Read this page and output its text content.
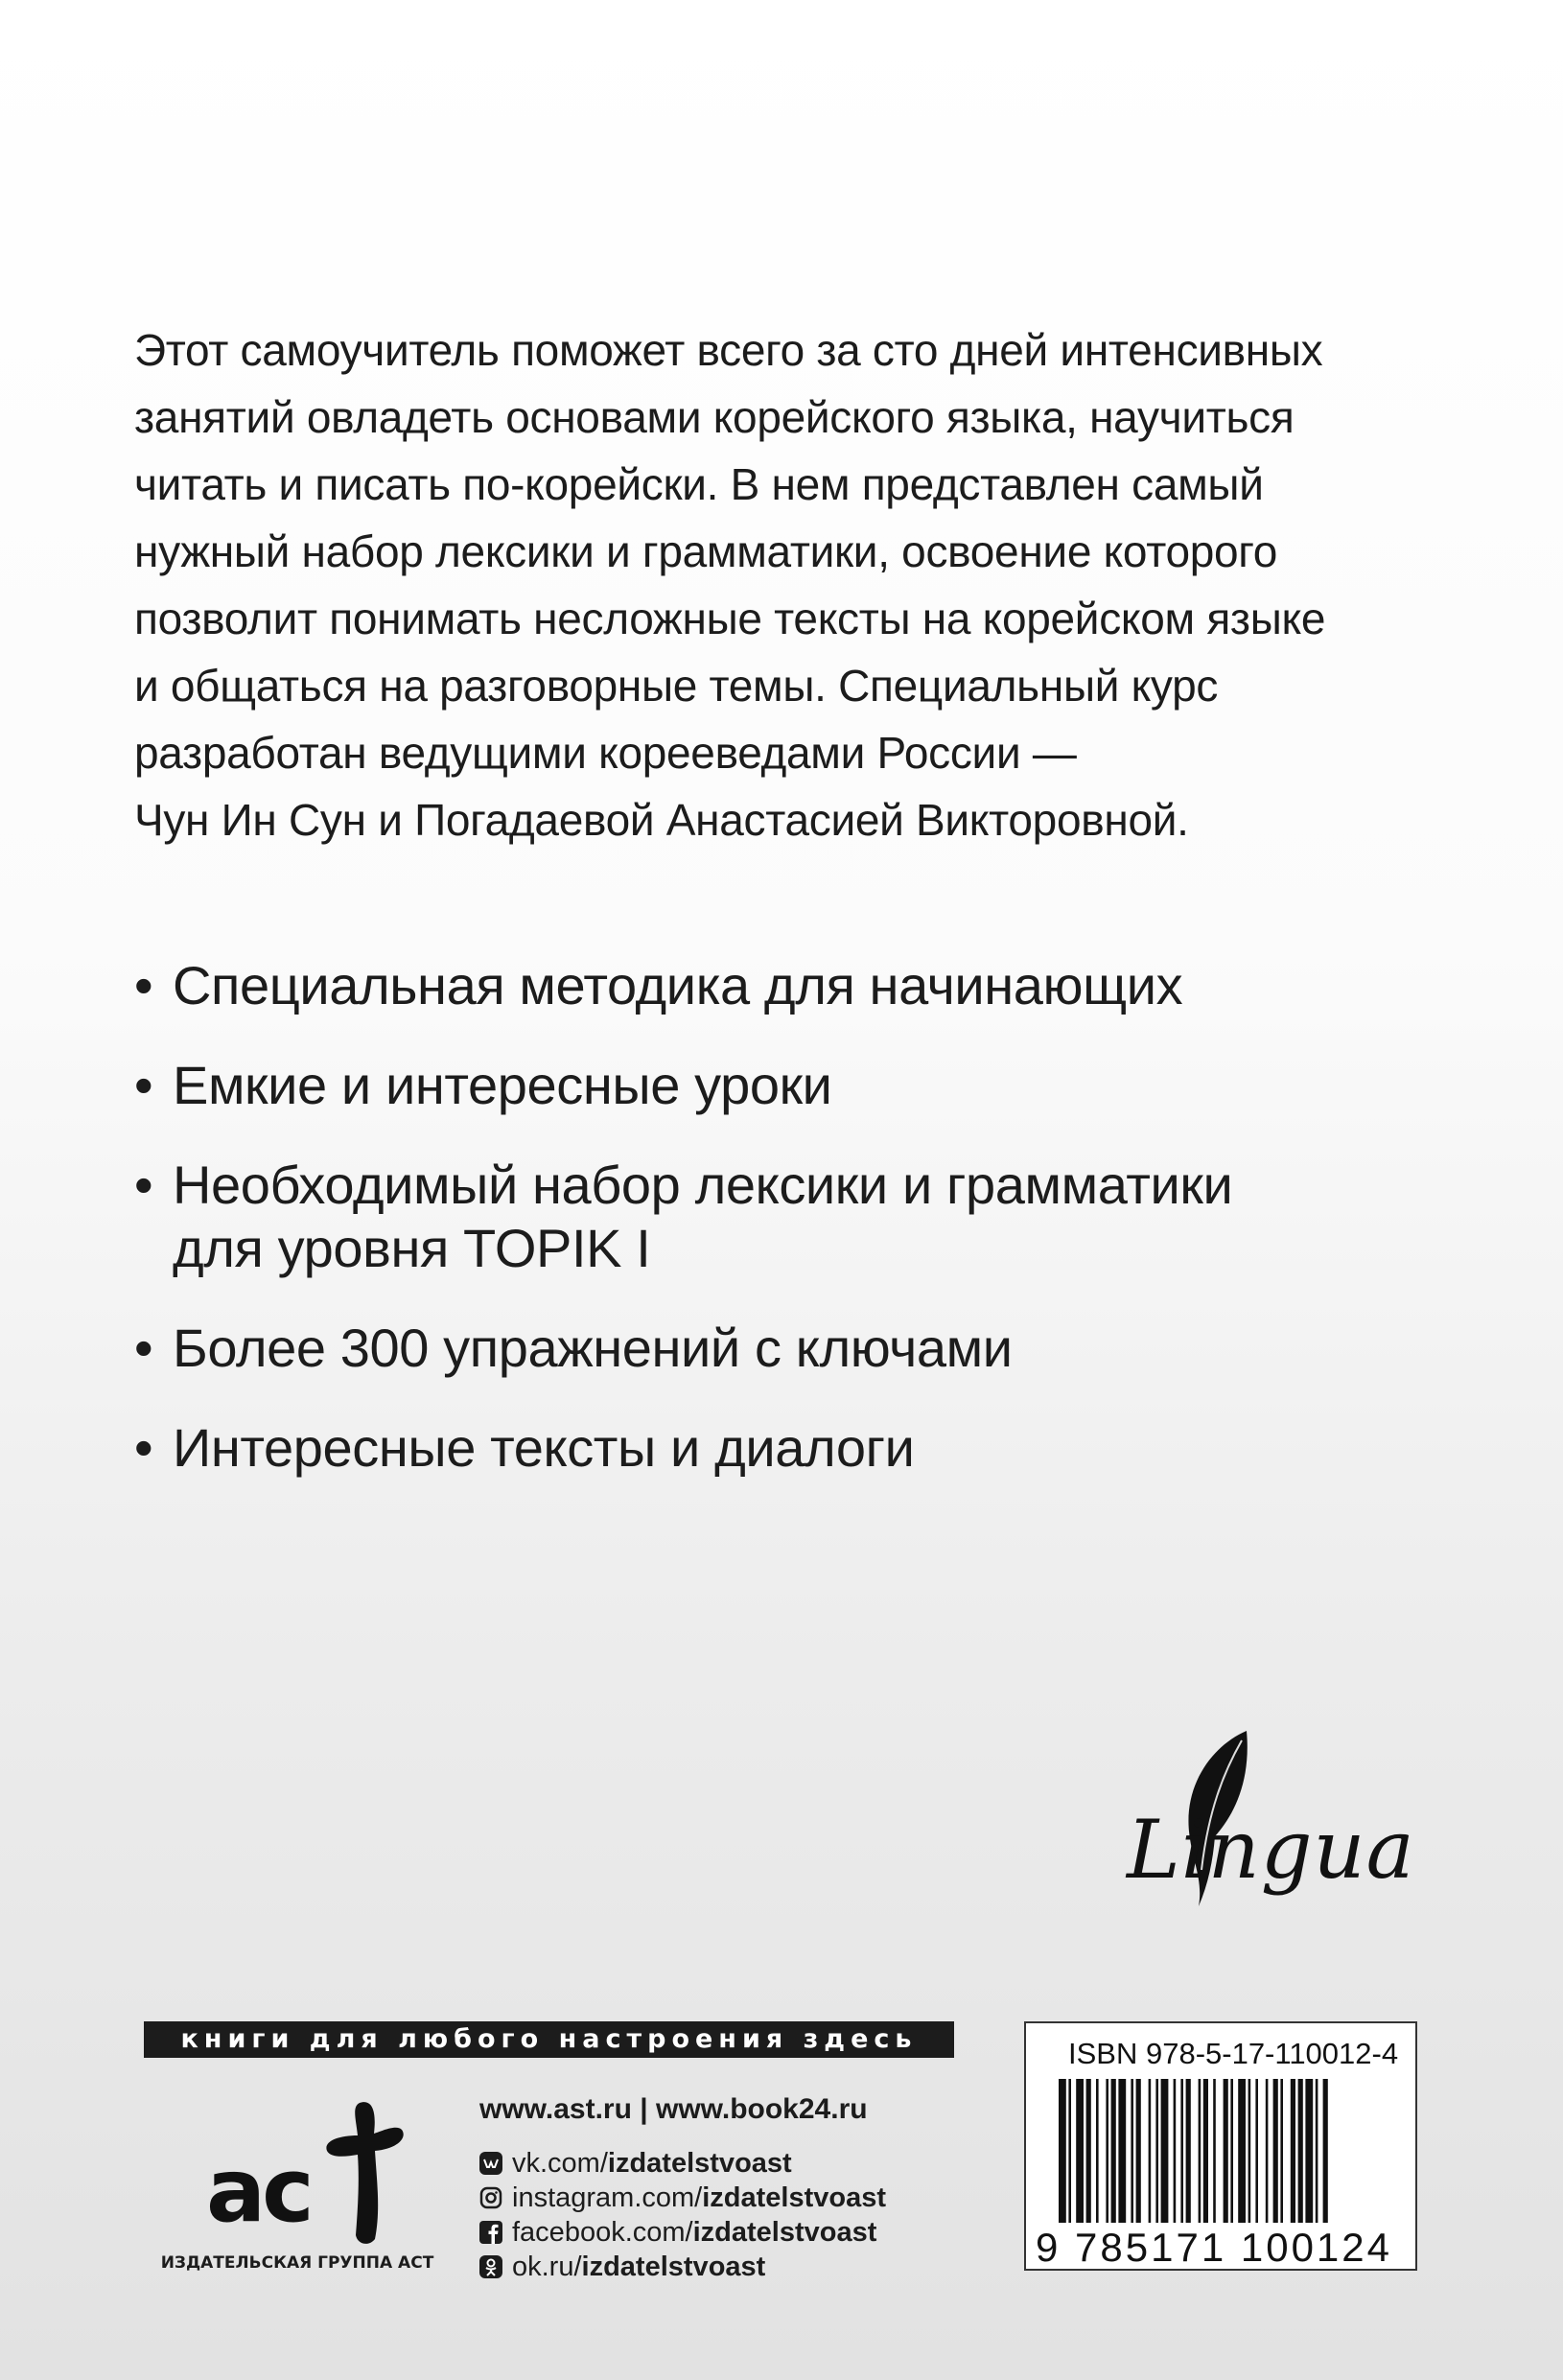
Этот самоучитель поможет всего за сто дней интенсивных

занятий овладеть основами корейского языка, научиться

читать и писать по-корейски. В нем представлен самый

нужный набор лексики и грамматики, освоение которого

позволит понимать несложные тексты на корейском языке

и общаться на разговорные темы. Специальный курс

разработан ведущими корееведами России —

Чун Ин Сун и Погадаевой Анастасией Викторовной.

• Специальная методика для начинающих
• Емкие и интересные уроки
• Необходимый набор лексики и грамматики
для уровня TOPIK I
• Более 300 упражнений с ключами
• Интересные тексты и диалоги
Lingua
книги для любого настроения здесь
ac
ИЗДАТЕЛЬСКАЯ ГРУППА АСТ
www.ast.ru | www.book24.ru
vk.com/izdatelstvoast
instagram.com/izdatelstvoast
facebook.com/izdatelstvoast
ok.ru/izdatelstvoast
ISBN 978-5-17-110012-4
9 785171 100124
